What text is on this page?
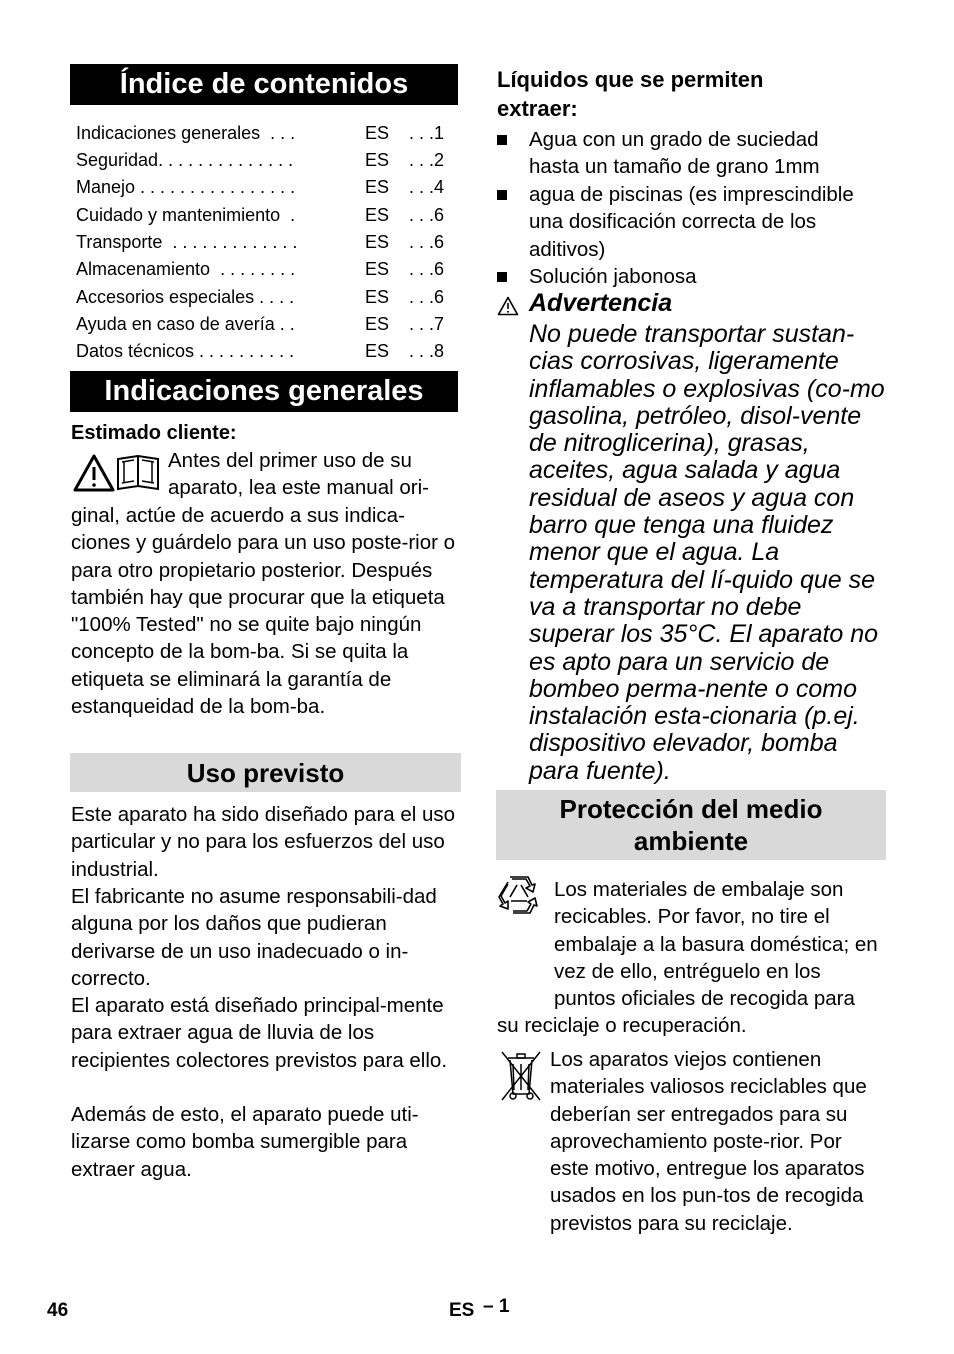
Índice de contenidos
Indicaciones generales  . . .	ES . . .1
Seguridad. . . . . . . . . . . . . .	ES . . .2
Manejo . . . . . . . . . . . . . . . .	ES . . .4
Cuidado y mantenimiento  .	ES . . .6
Transporte  . . . . . . . . . . . . .	ES . . .6
Almacenamiento  . . . . . . . .	ES . . .6
Accesorios especiales . . . .	ES . . .6
Ayuda en caso de avería . .	ES . . .7
Datos técnicos . . . . . . . . . .	ES . . .8
Indicaciones generales
Estimado cliente:
Antes del primer uso de su
aparato, lea este manual ori-

ginal, actúe de acuerdo a sus indica-ciones y guárdelo para un uso poste-rior o para otro propietario posterior. Después también hay que procurar que la etiqueta "100% Tested" no se quite bajo ningún concepto de la bom-ba. Si se quita la etiqueta se eliminará la garantía de estanqueidad de la bom-ba.

Uso previsto

Este aparato ha sido diseñado para el uso particular y no para los esfuerzos del uso industrial.

El fabricante no asume responsabili-dad alguna por los daños que pudieran derivarse de un uso inadecuado o in-correcto.

El aparato está diseñado principal-mente para extraer agua de lluvia de los recipientes colectores previstos para ello.

Además de esto, el aparato puede uti-lizarse como bomba sumergible para extraer agua.

Líquidos que se permiten extraer:
Agua con un grado de suciedad hasta un tamaño de grano 1mm
agua de piscinas (es imprescindible una dosificación correcta de los aditivos)
Solución jabonosa
Advertencia

No puede transportar sustan-cias corrosivas, ligeramente inflamables o explosivas (co-mo gasolina, petróleo, disol-vente de nitroglicerina), grasas, aceites, agua salada y agua residual de aseos y agua con barro que tenga una fluidez menor que el agua. La temperatura del lí-quido que se va a transportar no debe superar los 35°C. El aparato no es apto para un servicio de bombeo perma-nente o como instalación esta-cionaria (p.ej. dispositivo elevador, bomba para fuente).

Protección del medio ambiente

Los materiales de embalaje son recicables. Por favor, no tire el embalaje a la basura doméstica; en vez de ello, entréguelo en los puntos oficiales de recogida para

su reciclaje o recuperación.

Los aparatos viejos contienen materiales valiosos reciclables que deberían ser entregados para su aprovechamiento poste-rior. Por este motivo, entregue los aparatos usados en los pun-tos de recogida previstos para su reciclaje.

46	ES – 1
